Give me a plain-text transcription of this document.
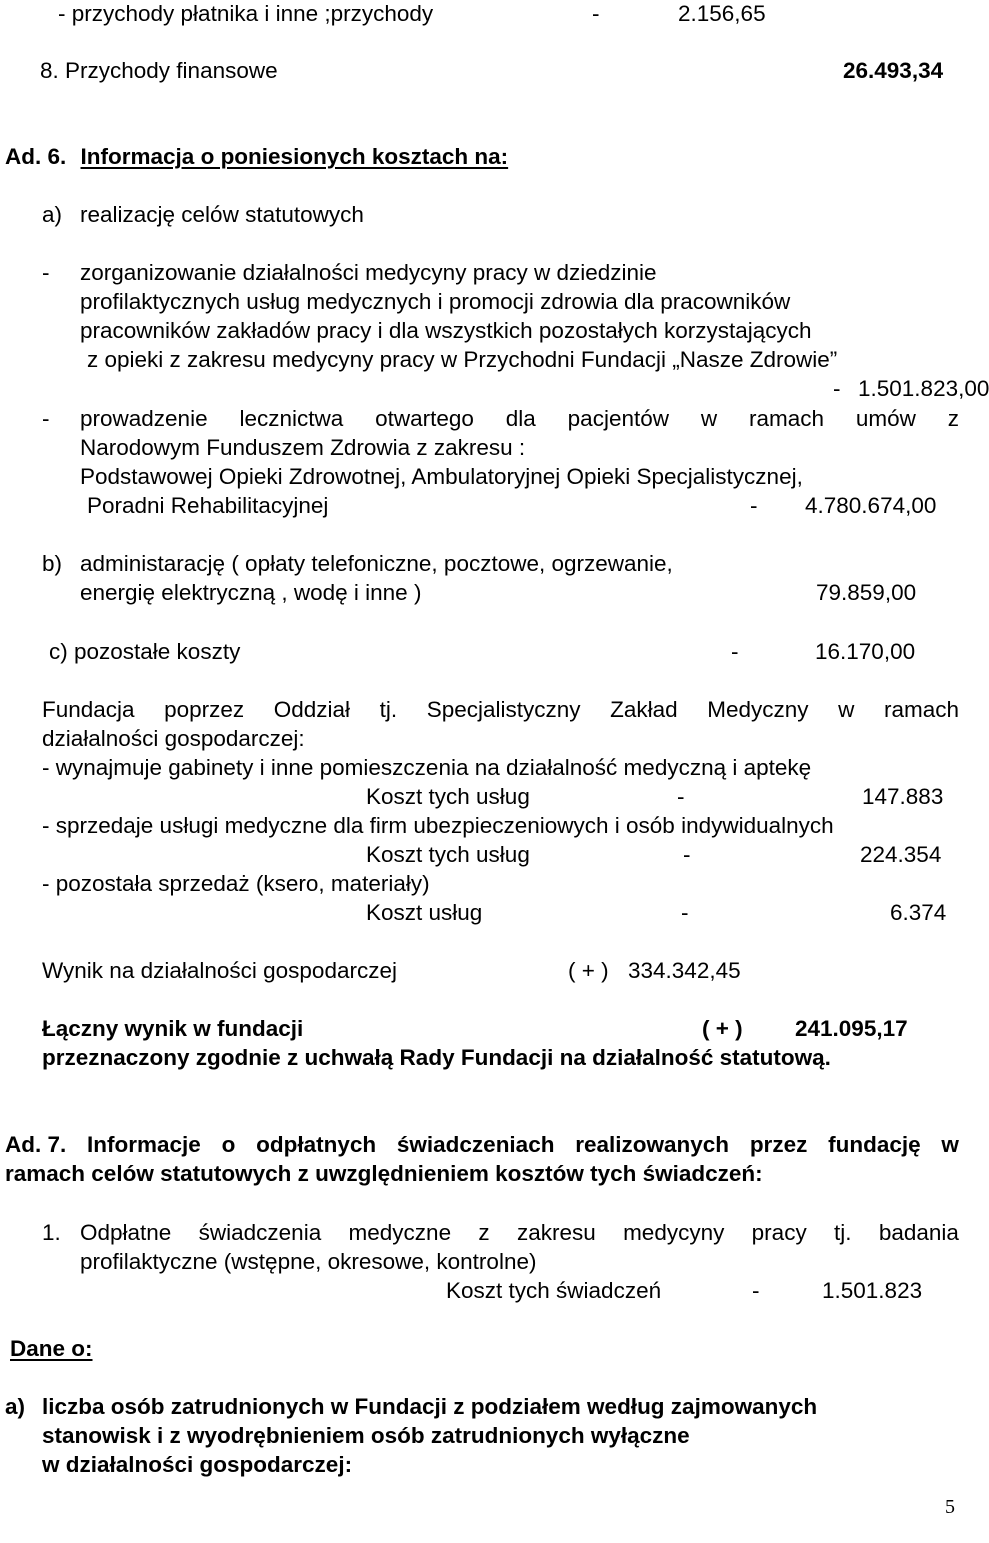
- przychody płatnika i inne ;przychody	-	2.156,65
8. Przychody finansowe	26.493,34
Ad. 6. Informacja o poniesionych kosztach na:
a) realizację celów statutowych
- zorganizowanie działalności medycyny pracy w dziedzinie
profilaktycznych usług medycznych i promocji zdrowia dla pracowników
pracowników zakładów pracy i dla wszystkich pozostałych korzystających
z opieki z zakresu medycyny pracy w Przychodni Fundacji „Nasze Zdrowie”
- 1.501.823,00
- prowadzenie lecznictwa otwartego dla pacjentów w ramach umów z
Narodowym Funduszem Zdrowia z zakresu :
Podstawowej Opieki Zdrowotnej, Ambulatoryjnej Opieki Specjalistycznej,
Poradni Rehabilitacyjnej	- 4.780.674,00
b) administarację ( opłaty telefoniczne, pocztowe, ogrzewanie,
energię elektryczną , wodę i inne )	79.859,00
c) pozostałe koszty	-	16.170,00
Fundacja poprzez Oddział tj. Specjalistyczny Zakład Medyczny w ramach
działalności gospodarczej:
- wynajmuje gabinety i inne pomieszczenia na działalność medyczną i aptekę
Koszt tych usług	-	147.883
- sprzedaje usługi medyczne dla firm ubezpieczeniowych i osób indywidualnych
Koszt tych usług	-	224.354
- pozostała sprzedaż (ksero, materiały)
Koszt usług	-	6.374
Wynik na działalności gospodarczej	( + ) 334.342,45
Łączny wynik w fundacji	( + ) 241.095,17
przeznaczony zgodnie z uchwałą Rady Fundacji na działalność statutową.
Ad. 7. Informacje o odpłatnych świadczeniach realizowanych przez fundację w
ramach celów statutowych z uwzględnieniem kosztów tych świadczeń:
1. Odpłatne świadczenia medyczne z zakresu medycyny pracy tj. badania
profilaktyczne (wstępne, okresowe, kontrolne)
Koszt tych świadczeń	-	1.501.823
Dane o:
a) liczba osób zatrudnionych w Fundacji z podziałem według zajmowanych
stanowisk i z wyodrębnieniem osób zatrudnionych wyłączne
w działalności gospodarczej:
5
